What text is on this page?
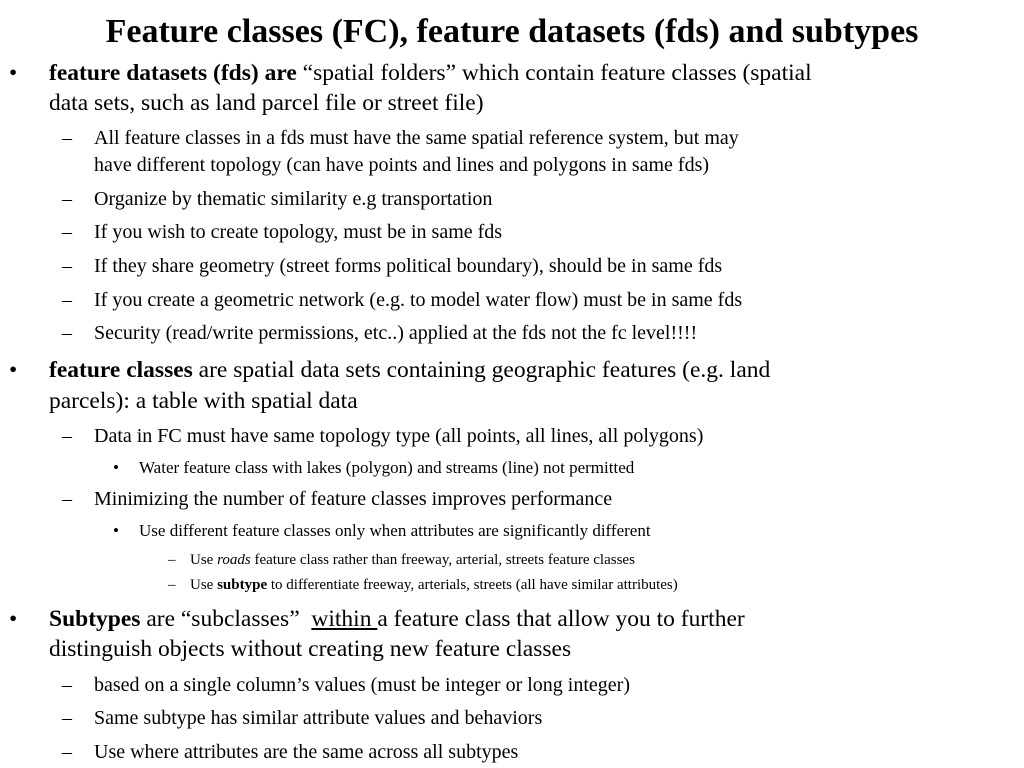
Feature classes (FC), feature datasets (fds) and subtypes
• feature datasets (fds) are “spatial folders” which contain feature classes (spatial
data sets, such as land parcel file or street file)
– All feature classes in a fds must have the same spatial reference system, but may
have different topology (can have points and lines and polygons in same fds)
– Organize by thematic similarity e.g transportation
– If you wish to create topology, must be in same fds
– If they share geometry (street forms political boundary), should be in same fds
– If you create a geometric network (e.g. to model water flow) must be in same fds
– Security (read/write permissions, etc..) applied at the fds not the fc level!!!!
• feature classes are spatial data sets containing geographic features (e.g. land
parcels): a table with spatial data
– Data in FC must have same topology type (all points, all lines, all polygons)
• Water feature class with lakes (polygon) and streams (line) not permitted
– Minimizing the number of feature classes improves performance
• Use different feature classes only when attributes are significantly different
– Use roads feature class rather than freeway, arterial, streets feature classes
– Use subtype to differentiate freeway, arterials, streets (all have similar attributes)
• Subtypes are “subclasses”  within a feature class that allow you to further
distinguish objects without creating new feature classes
– based on a single column’s values (must be integer or long integer)
– Same subtype has similar attribute values and behaviors
– Use where attributes are the same across all subtypes
